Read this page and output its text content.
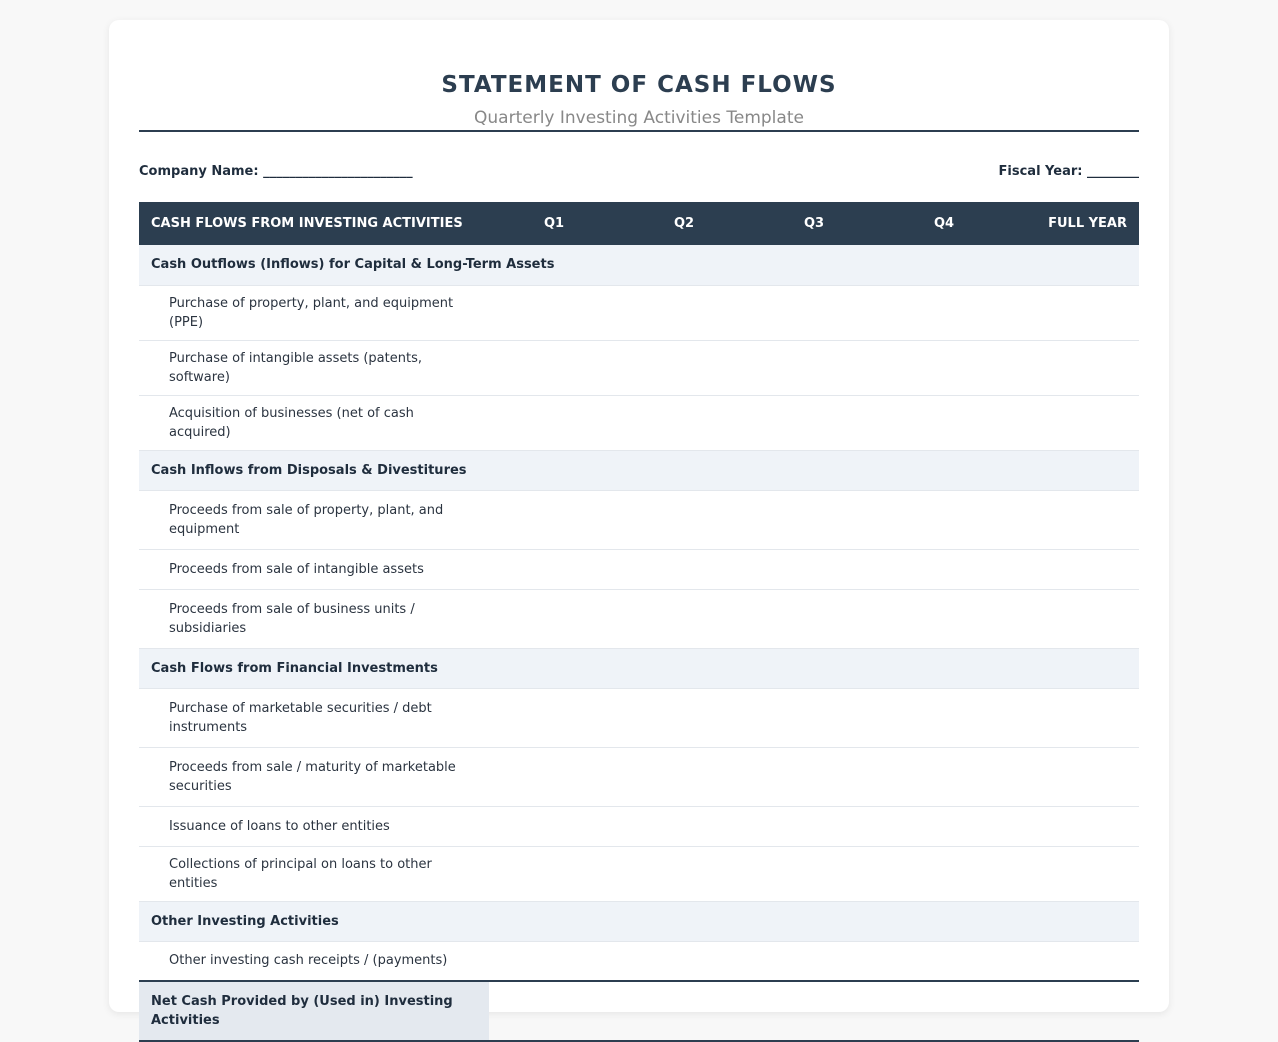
STATEMENT OF CASH FLOWS
Quarterly Investing Activities Template
Company Name: _______________________	Fiscal Year: ________
CASH FLOWS FROM INVESTING ACTIVITIES	Q1	Q2	Q3	Q4	FULL YEAR
Cash Outflows (Inflows) for Capital & Long-Term Assets					
Purchase of property, plant, and equipment (PPE)					
Purchase of intangible assets (patents, software)					
Acquisition of businesses (net of cash acquired)					
Cash Inflows from Disposals & Divestitures					
Proceeds from sale of property, plant, and equipment					
Proceeds from sale of intangible assets					
Proceeds from sale of business units / subsidiaries					
Cash Flows from Financial Investments					
Purchase of marketable securities / debt instruments					
Proceeds from sale / maturity of marketable securities					
Issuance of loans to other entities					
Collections of principal on loans to other entities					
Other Investing Activities					
Other investing cash receipts / (payments)					
Net Cash Provided by (Used in) Investing Activities					
